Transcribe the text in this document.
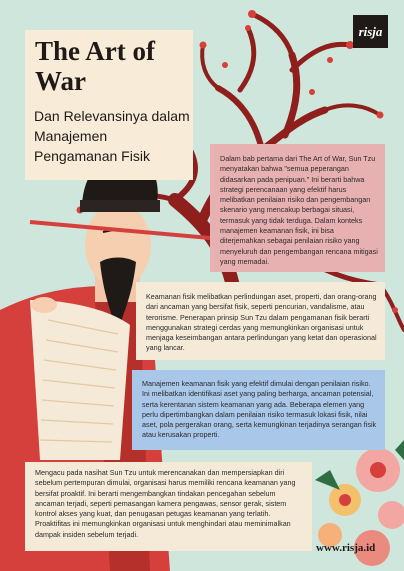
The Art of War

Dan Relevansinya dalam Manajemen Pengamanan Fisik

risja

Dalam bab pertama dari The Art of War, Sun Tzu menyatakan bahwa "semua peperangan didasarkan pada penipuan." Ini berarti bahwa strategi perencanaan yang efektif harus melibatkan penilaian risiko dan pengembangan skenario yang mencakup berbagai situasi, termasuk yang tidak terduga. Dalam konteks manajemen keamanan fisik, ini bisa diterjemahkan sebagai penilaian risiko yang menyeluruh dan pengembangan rencana mitigasi yang memadai.

Keamanan fisik melibatkan perlindungan aset, properti, dan orang-orang dari ancaman yang bersifat fisik, seperti pencurian, vandalisme, atau terorisme. Penerapan prinsip Sun Tzu dalam pengamanan fisik berarti menggunakan strategi cerdas yang memungkinkan organisasi untuk menjaga keseimbangan antara perlindungan yang ketat dan operasional yang lancar.

Manajemen keamanan fisik yang efektif dimulai dengan penilaian risiko. Ini melibatkan identifikasi aset yang paling berharga, ancaman potensial, serta kerentanan sistem keamanan yang ada. Beberapa elemen yang perlu dipertimbangkan dalam penilaian risiko termasuk lokasi fisik, nilai aset, pola pergerakan orang, serta kemungkinan terjadinya serangan fisik atau kerusakan properti.

Mengacu pada nasihat Sun Tzu untuk merencanakan dan mempersiapkan diri sebelum pertempuran dimulai, organisasi harus memiliki rencana keamanan yang bersifat proaktif. Ini berarti mengembangkan tindakan pencegahan sebelum ancaman terjadi, seperti pemasangan kamera pengawas, sensor gerak, sistem kontrol akses yang kuat, dan penugasan petugas keamanan yang terlatih. Proaktifitas ini memungkinkan organisasi untuk menghindari atau meminimalkan dampak insiden sebelum terjadi.

www.risja.id
